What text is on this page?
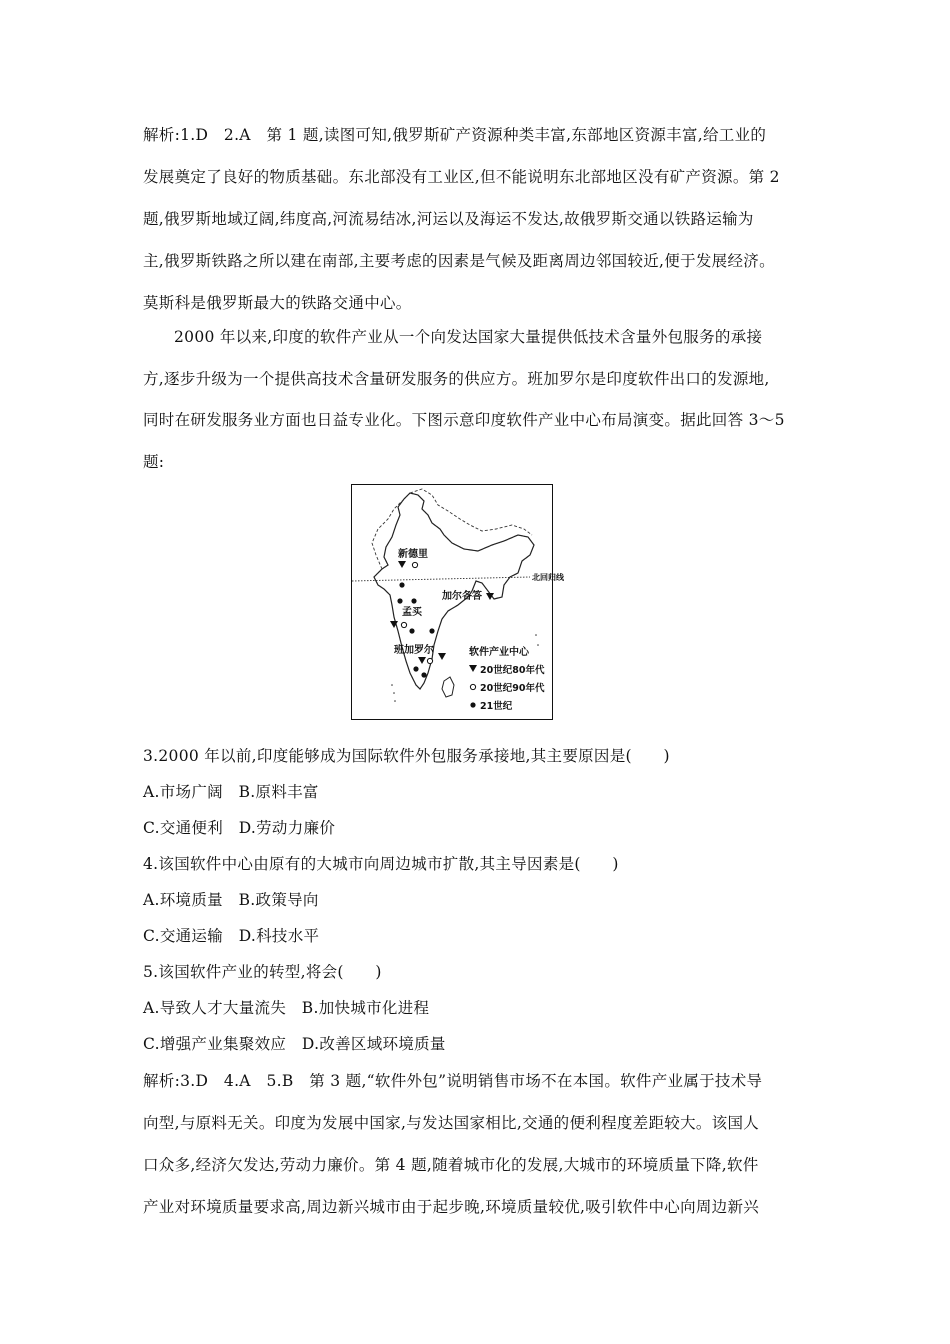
解析:1.D   2.A   第 1 题,读图可知,俄罗斯矿产资源种类丰富,东部地区资源丰富,给工业的

发展奠定了良好的物质基础。东北部没有工业区,但不能说明东北部地区没有矿产资源。第 2

题,俄罗斯地域辽阔,纬度高,河流易结冰,河运以及海运不发达,故俄罗斯交通以铁路运输为

主,俄罗斯铁路之所以建在南部,主要考虑的因素是气候及距离周边邻国较近,便于发展经济。

莫斯科是俄罗斯最大的铁路交通中心。

2000 年以来,印度的软件产业从一个向发达国家大量提供低技术含量外包服务的承接

方,逐步升级为一个提供高技术含量研发服务的供应方。班加罗尔是印度软件出口的发源地,

同时在研发服务业方面也日益专业化。下图示意印度软件产业中心布局演变。据此回答 3～5

题:

北回归线
新德里
加尔各答
孟买
班加罗尔	软件产业中心
20世纪80年代
20世纪90年代
21世纪

3.2000 年以前,印度能够成为国际软件外包服务承接地,其主要原因是(　　)

A.市场广阔   B.原料丰富

C.交通便利   D.劳动力廉价

4.该国软件中心由原有的大城市向周边城市扩散,其主导因素是(　　)

A.环境质量   B.政策导向

C.交通运输   D.科技水平

5.该国软件产业的转型,将会(　　)

A.导致人才大量流失   B.加快城市化进程

C.增强产业集聚效应   D.改善区域环境质量

解析:3.D   4.A   5.B   第 3 题,“软件外包”说明销售市场不在本国。软件产业属于技术导

向型,与原料无关。印度为发展中国家,与发达国家相比,交通的便利程度差距较大。该国人

口众多,经济欠发达,劳动力廉价。第 4 题,随着城市化的发展,大城市的环境质量下降,软件

产业对环境质量要求高,周边新兴城市由于起步晚,环境质量较优,吸引软件中心向周边新兴
